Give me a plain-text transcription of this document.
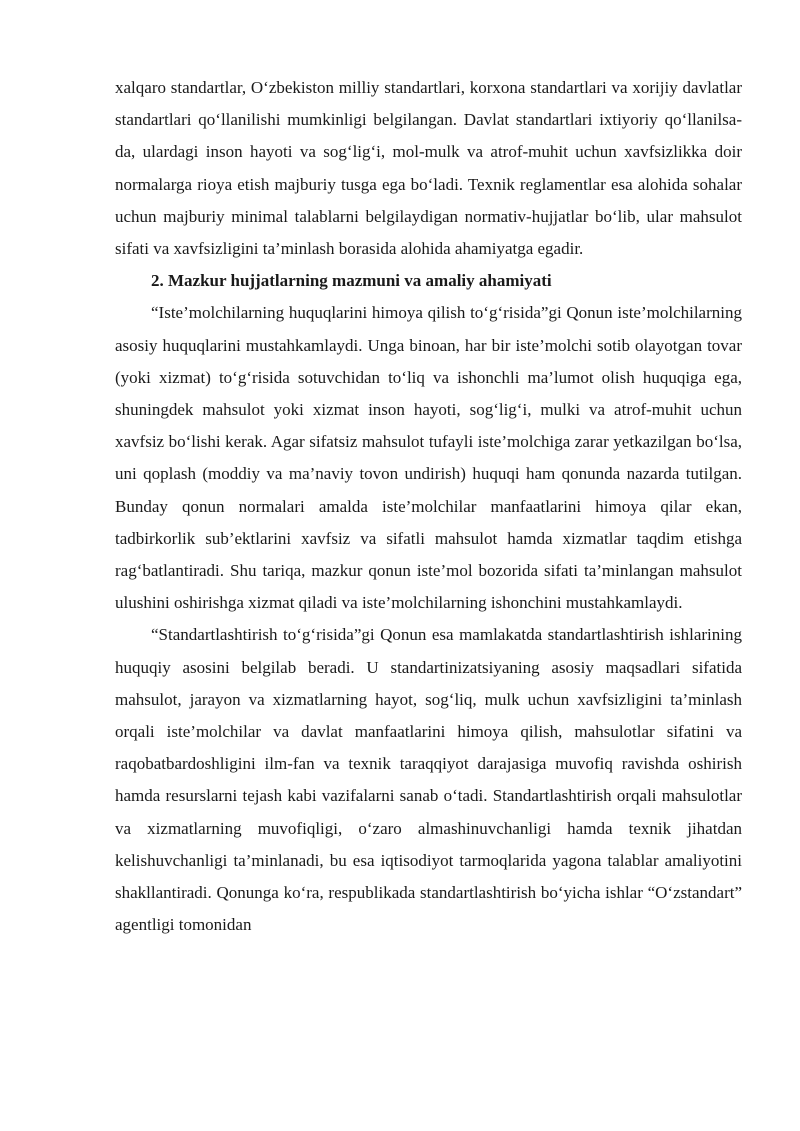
xalqaro standartlar, O‘zbekiston milliy standartlari, korxona standartlari va xorijiy davlatlar standartlari qo‘llanilishi mumkinligi belgilangan. Davlat standartlari ixtiyoriy qo‘llanilsa-da, ulardagi inson hayoti va sog‘lig‘i, mol-mulk va atrof-muhit uchun xavfsizlikka doir normalarga rioya etish majburiy tusga ega bo‘ladi. Texnik reglamentlar esa alohida sohalar uchun majburiy minimal talablarni belgilaydigan normativ-hujjatlar bo‘lib, ular mahsulot sifati va xavfsizligini ta’minlash borasida alohida ahamiyatga egadir.

2. Mazkur hujjatlarning mazmuni va amaliy ahamiyati

“Iste’molchilarning huquqlarini himoya qilish to‘g‘risida”gi Qonun iste’molchilarning asosiy huquqlarini mustahkamlaydi. Unga binoan, har bir iste’molchi sotib olayotgan tovar (yoki xizmat) to‘g‘risida sotuvchidan to‘liq va ishonchli ma’lumot olish huquqiga ega, shuningdek mahsulot yoki xizmat inson hayoti, sog‘lig‘i, mulki va atrof-muhit uchun xavfsiz bo‘lishi kerak. Agar sifatsiz mahsulot tufayli iste’molchiga zarar yetkazilgan bo‘lsa, uni qoplash (moddiy va ma’naviy tovon undirish) huquqi ham qonunda nazarda tutilgan. Bunday qonun normalari amalda iste’molchilar manfaatlarini himoya qilar ekan, tadbirkorlik sub’ektlarini xavfsiz va sifatli mahsulot hamda xizmatlar taqdim etishga rag‘batlantiradi. Shu tariqa, mazkur qonun iste’mol bozorida sifati ta’minlangan mahsulot ulushini oshirishga xizmat qiladi va iste’molchilarning ishonchini mustahkamlaydi.

“Standartlashtirish to‘g‘risida”gi Qonun esa mamlakatda standartlashtirish ishlarining huquqiy asosini belgilab beradi. U standartinizatsiyaning asosiy maqsadlari sifatida mahsulot, jarayon va xizmatlarning hayot, sog‘liq, mulk uchun xavfsizligini ta’minlash orqali iste’molchilar va davlat manfaatlarini himoya qilish, mahsulotlar sifatini va raqobatbardoshligini ilm-fan va texnik taraqqiyot darajasiga muvofiq ravishda oshirish hamda resurslarni tejash kabi vazifalarni sanab o‘tadi. Standartlashtirish orqali mahsulotlar va xizmatlarning muvofiqligi, o‘zaro almashinuvchanligi hamda texnik jihatdan kelishuvchanligi ta’minlanadi, bu esa iqtisodiyot tarmoqlarida yagona talablar amaliyotini shakllantiradi. Qonunga ko‘ra, respublikada standartlashtirish bo‘yicha ishlar “O‘zstandart” agentligi tomonidan
